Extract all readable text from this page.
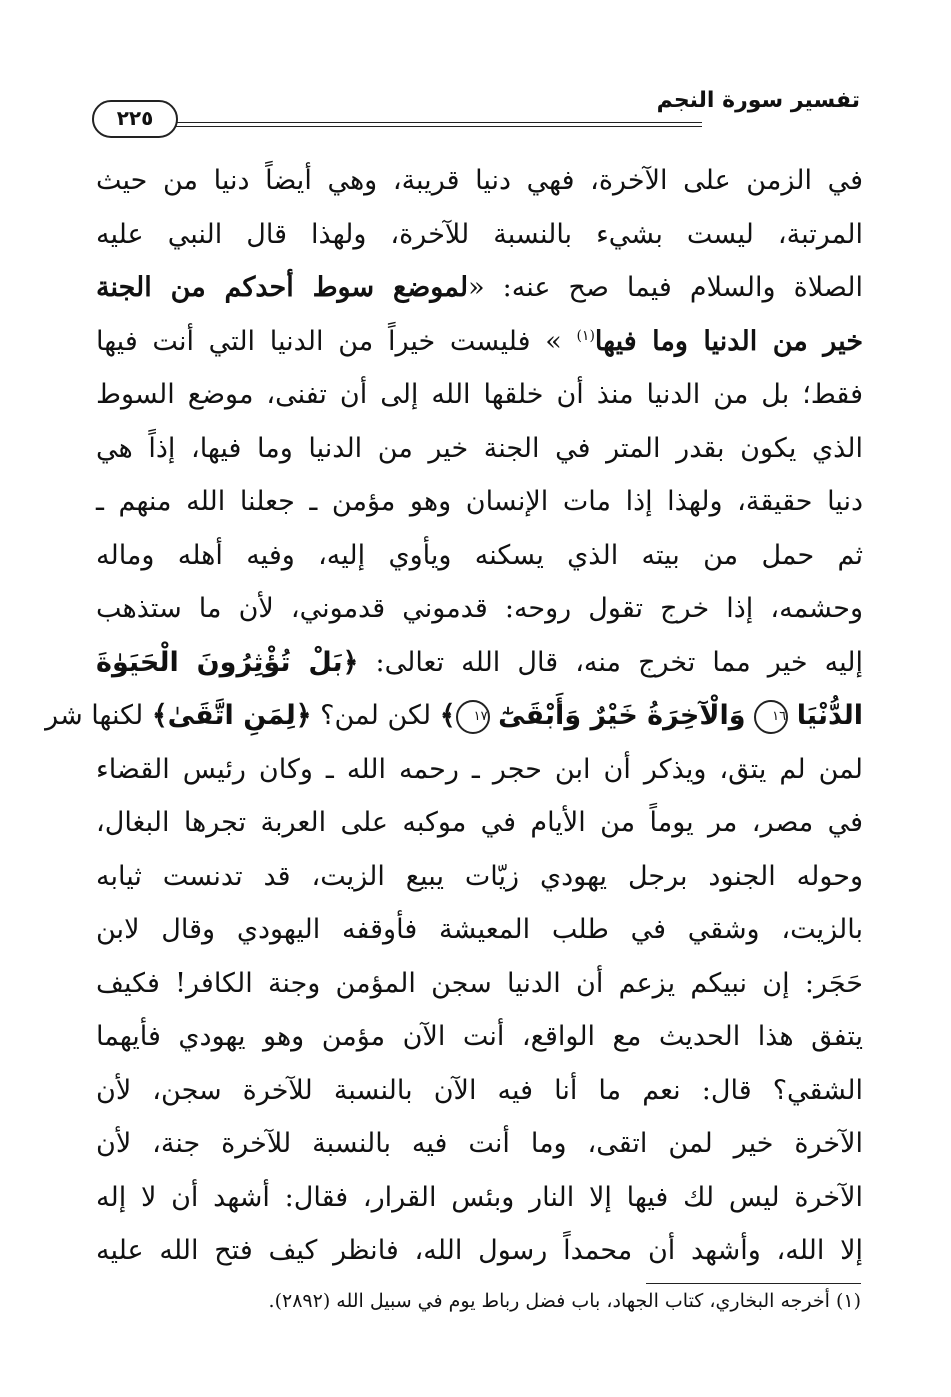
تفسير سورة النجم
٢٢٥
في الزمن على الآخرة، فهي دنيا قريبة، وهي أيضاً دنيا من حيث
المرتبة، ليست بشيء بالنسبة للآخرة، ولهذا قال النبي عليه
الصلاة والسلام فيما صح عنه: «لموضع سوط أحدكم من الجنة
خير من الدنيا وما فيها$^{(١)}$ » فليست خيراً من الدنيا التي أنت فيها
فقط؛ بل من الدنيا منذ أن خلقها الله إلى أن تفنى، موضع السوط
الذي يكون بقدر المتر في الجنة خير من الدنيا وما فيها، إذاً هي
دنيا حقيقة، ولهذا إذا مات الإنسان وهو مؤمن ـ جعلنا الله منهم ـ
ثم حمل من بيته الذي يسكنه ويأوي إليه، وفيه أهله وماله
وحشمه، إذا خرج تقول روحه: قدموني قدموني، لأن ما ستذهب
إليه خير مما تخرج منه، قال الله تعالى: ﴿بَلْ تُؤْثِرُونَ الْحَيَوٰةَ
الدُّنْيَا ١٦ وَالْآخِرَةُ خَيْرٌ وَأَبْقَىٰٓ ١٧﴾ لكن لمن؟ ﴿لِمَنِ اتَّقَىٰ﴾ لكنها شر
لمن لم يتق، ويذكر أن ابن حجر ـ رحمه الله ـ وكان رئيس القضاء
في مصر، مر يوماً من الأيام في موكبه على العربة تجرها البغال،
وحوله الجنود برجل يهودي زيّات يبيع الزيت، قد تدنست ثيابه
بالزيت، وشقي في طلب المعيشة فأوقفه اليهودي وقال لابن
حَجَر: إن نبيكم يزعم أن الدنيا سجن المؤمن وجنة الكافر! فكيف
يتفق هذا الحديث مع الواقع، أنت الآن مؤمن وهو يهودي فأيهما
الشقي؟ قال: نعم ما أنا فيه الآن بالنسبة للآخرة سجن، لأن
الآخرة خير لمن اتقى، وما أنت فيه بالنسبة للآخرة جنة، لأن
الآخرة ليس لك فيها إلا النار وبئس القرار، فقال: أشهد أن لا إله
إلا الله، وأشهد أن محمداً رسول الله، فانظر كيف فتح الله عليه
(١) أخرجه البخاري، كتاب الجهاد، باب فضل رباط يوم في سبيل الله (٢٨٩٢).
